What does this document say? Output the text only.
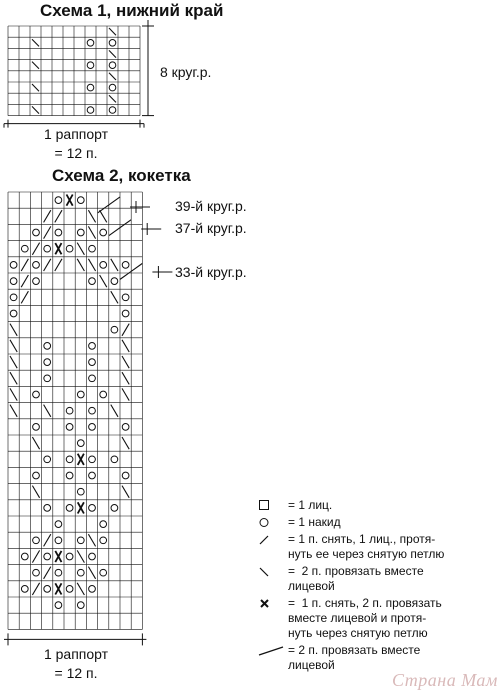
Схема 1, нижний край
8 круг.р.
1 раппорт
= 12 п.
Схема 2, кокетка
39-й круг.р.
37-й круг.р.
33-й круг.р.
1 раппорт
= 12 п.
= 1 лиц.
= 1 накид
= 1 п. снять, 1 лиц., протя-
нуть ее через снятую петлю
=  2 п. провязать вместе
лицевой
=  1 п. снять, 2 п. провязать
вместе лицевой и протя-
нуть через снятую петлю
= 2 п. провязать вместе
лицевой
Страна Мам
